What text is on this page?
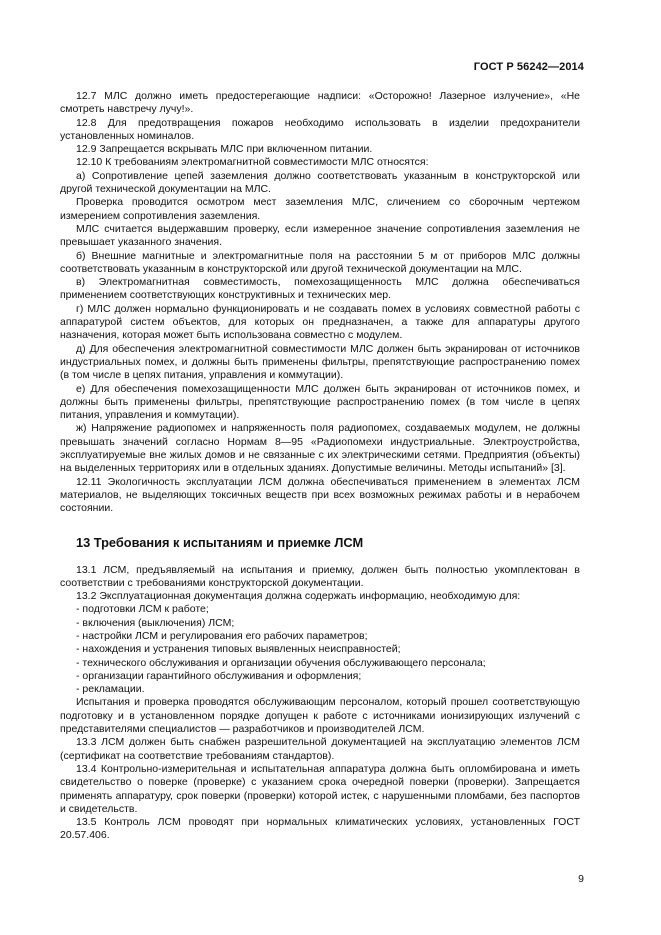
ГОСТ Р 56242—2014

12.7 МЛС должно иметь предостерегающие надписи: «Осторожно! Лазерное излучение», «Не смотреть навстречу лучу!».

12.8 Для предотвращения пожаров необходимо использовать в изделии предохранители установленных номиналов.

12.9 Запрещается вскрывать МЛС при включенном питании.

12.10 К требованиям электромагнитной совместимости МЛС относятся:

а) Сопротивление цепей заземления должно соответствовать указанным в конструкторской или другой технической документации на МЛС.

Проверка проводится осмотром мест заземления МЛС, сличением со сборочным чертежом измерением сопротивления заземления.

МЛС считается выдержавшим проверку, если измеренное значение сопротивления заземления не превышает указанного значения.

б) Внешние магнитные и электромагнитные поля на расстоянии 5 м от приборов МЛС должны соответствовать указанным в конструкторской или другой технической документации на МЛС.

в) Электромагнитная совместимость, помехозащищенность МЛС должна обеспечиваться применением соответствующих конструктивных и технических мер.

г) МЛС должен нормально функционировать и не создавать помех в условиях совместной работы с аппаратурой систем объектов, для которых он предназначен, а также для аппаратуры другого назначения, которая может быть использована совместно с модулем.

д) Для обеспечения электромагнитной совместимости МЛС должен быть экранирован от источников индустриальных помех, и должны быть применены фильтры, препятствующие распространению помех (в том числе в цепях питания, управления и коммутации).

е) Для обеспечения помехозащищенности МЛС должен быть экранирован от источников помех, и должны быть применены фильтры, препятствующие распространению помех (в том числе в цепях питания, управления и коммутации).

ж) Напряжение радиопомех и напряженность поля радиопомех, создаваемых модулем, не должны превышать значений согласно Нормам 8—95 «Радиопомехи индустриальные. Электроустройства, эксплуатируемые вне жилых домов и не связанные с их электрическими сетями. Предприятия (объекты) на выделенных территориях или в отдельных зданиях. Допустимые величины. Методы испытаний» [3].

12.11 Экологичность эксплуатации ЛСМ должна обеспечиваться применением в элементах ЛСМ материалов, не выделяющих токсичных веществ при всех возможных режимах работы и в нерабочем состоянии.

13 Требования к испытаниям и приемке ЛСМ

13.1 ЛСМ, предъявляемый на испытания и приемку, должен быть полностью укомплектован в соответствии с требованиями конструкторской документации.

13.2 Эксплуатационная документация должна содержать информацию, необходимую для:

- подготовки ЛСМ к работе;

- включения (выключения) ЛСМ;

- настройки ЛСМ и регулирования его рабочих параметров;

- нахождения и устранения типовых выявленных неисправностей;

- технического обслуживания и организации обучения обслуживающего персонала;

- организации гарантийного обслуживания и оформления;

- рекламации.

Испытания и проверка проводятся обслуживающим персоналом, который прошел соответствующую подготовку и в установленном порядке допущен к работе с источниками ионизирующих излучений с представителями специалистов — разработчиков и производителей ЛСМ.

13.3 ЛСМ должен быть снабжен разрешительной документацией на эксплуатацию элементов ЛСМ (сертификат на соответствие требованиям стандартов).

13.4 Контрольно-измерительная и испытательная аппаратура должна быть опломбирована и иметь свидетельство о поверке (проверке) с указанием срока очередной поверки (проверки). Запрещается применять аппаратуру, срок поверки (проверки) которой истек, с нарушенными пломбами, без паспортов и свидетельств.

13.5 Контроль ЛСМ проводят при нормальных климатических условиях, установленных ГОСТ 20.57.406.

9
